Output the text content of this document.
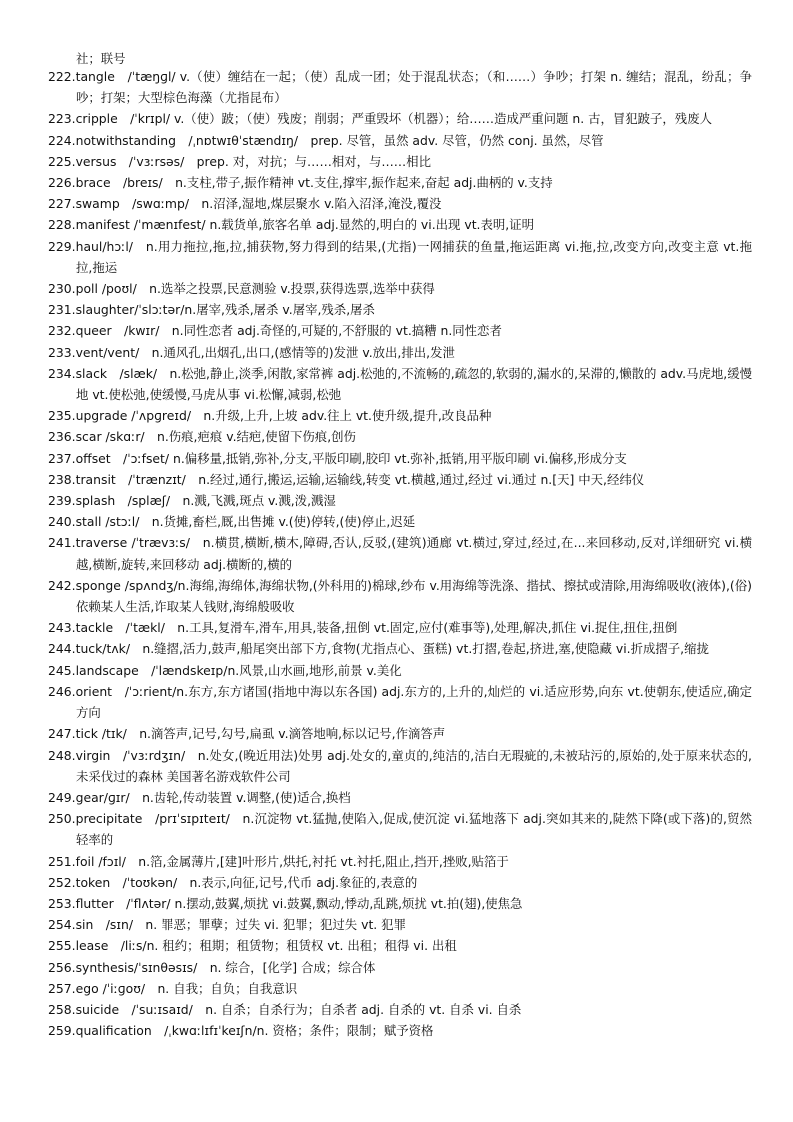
社；联号

222.tangle　/ˈtæŋɡl/ v.（使）缠结在一起；（使）乱成一团；处于混乱状态；（和……）争吵；打架 n. 缠结；混乱，纷乱；争吵；打架；大型棕色海藻（尤指昆布）

223.cripple　/ˈkrɪpl/ v.（使）跛；（使）残废；削弱；严重毁坏（机器）；给……造成严重问题 n. 古，冒犯跛子，残废人

224.notwithstanding　/ˌnɒtwɪθˈstændɪŋ/　prep. 尽管，虽然 adv. 尽管，仍然 conj. 虽然，尽管

225.versus　/ˈvɜːrsəs/　prep. 对，对抗；与……相对，与……相比

226.brace　/breɪs/　n.支柱,带子,振作精神 vt.支住,撑牢,振作起来,奋起 adj.曲柄的 v.支持

227.swamp　/swɑːmp/　n.沼泽,湿地,煤层聚水 v.陷入沼泽,淹没,覆没

228.manifest /ˈmænɪfest/ n.载货单,旅客名单 adj.显然的,明白的 vi.出现 vt.表明,证明

229.haul/hɔːl/　n.用力拖拉,拖,拉,捕获物,努力得到的结果,(尤指)一网捕获的鱼量,拖运距离 vi.拖,拉,改变方向,改变主意 vt.拖拉,拖运

230.poll /poʊl/　n.选举之投票,民意测验 v.投票,获得选票,选举中获得

231.slaughter/ˈslɔːtər/n.屠宰,残杀,屠杀 v.屠宰,残杀,屠杀

232.queer　/kwɪr/　n.同性恋者 adj.奇怪的,可疑的,不舒服的 vt.搞糟 n.同性恋者

233.vent/vent/　n.通风孔,出烟孔,出口,(感情等的)发泄 v.放出,排出,发泄

234.slack　/slæk/　n.松弛,静止,淡季,闲散,家常裤 adj.松弛的,不流畅的,疏忽的,软弱的,漏水的,呆滞的,懒散的 adv.马虎地,缓慢地 vt.使松弛,使缓慢,马虎从事 vi.松懈,减弱,松弛

235.upgrade /ˈʌpɡreɪd/　n.升级,上升,上坡 adv.往上 vt.使升级,提升,改良品种

236.scar /skɑːr/　n.伤痕,疤痕 v.结疤,使留下伤痕,创伤

237.offset　/ˈɔːfset/ n.偏移量,抵销,弥补,分支,平版印刷,胶印 vt.弥补,抵销,用平版印刷 vi.偏移,形成分支

238.transit　/ˈtrænzɪt/　n.经过,通行,搬运,运输,运输线,转变 vt.横越,通过,经过 vi.通过 n.[天] 中天,经纬仪

239.splash　/splæʃ/　n.溅,飞溅,斑点 v.溅,泼,溅湿

240.stall /stɔːl/　n.货摊,畜栏,厩,出售摊 v.(使)停转,(使)停止,迟延

241.traverse /ˈtrævɜːs/　n.横贯,横断,横木,障碍,否认,反驳,(建筑)通廊 vt.横过,穿过,经过,在...来回移动,反对,详细研究 vi.横越,横断,旋转,来回移动 adj.横断的,横的

242.sponge /spʌndʒ/n.海绵,海绵体,海绵状物,(外科用的)棉球,纱布 v.用海绵等洗涤、揩拭、擦拭或清除,用海绵吸收(液体),(俗)依赖某人生活,诈取某人钱财,海绵般吸收

243.tackle　/ˈtækl/　n.工具,复滑车,滑车,用具,装备,扭倒 vt.固定,应付(难事等),处理,解决,抓住 vi.捉住,扭住,扭倒

244.tuck/tʌk/　n.缝摺,活力,鼓声,船尾突出部下方,食物(尤指点心、蛋糕) vt.打摺,卷起,挤进,塞,使隐藏 vi.折成摺子,缩拢

245.landscape　/ˈlændskeɪp/n.风景,山水画,地形,前景 v.美化

246.orient　/ˈɔːrient/n.东方,东方诸国(指地中海以东各国) adj.东方的,上升的,灿烂的 vi.适应形势,向东 vt.使朝东,使适应,确定方向

247.tick /tɪk/　n.滴答声,记号,勾号,扁虱 v.滴答地响,标以记号,作滴答声

248.virgin　/ˈvɜːrdʒɪn/　n.处女,(晚近用法)处男 adj.处女的,童贞的,纯洁的,洁白无瑕疵的,未被玷污的,原始的,处于原来状态的,未采伐过的森林 美国著名游戏软件公司

249.gear/ɡɪr/　n.齿轮,传动装置 v.调整,(使)适合,换档

250.precipitate　/prɪˈsɪpɪteɪt/　n.沉淀物 vt.猛抛,使陷入,促成,使沉淀 vi.猛地落下 adj.突如其来的,陡然下降(或下落)的,贸然轻率的

251.foil /fɔɪl/　n.箔,金属薄片,[建]叶形片,烘托,衬托 vt.衬托,阻止,挡开,挫败,贴箔于

252.token　/ˈtoʊkən/　n.表示,向征,记号,代币 adj.象征的,表意的

253.flutter　/ˈflʌtər/ n.摆动,鼓翼,烦扰 vi.鼓翼,飘动,悸动,乱跳,烦扰 vt.拍(翅),使焦急

254.sin　/sɪn/　n. 罪恶；罪孽；过失 vi. 犯罪；犯过失 vt. 犯罪

255.lease　/liːs/n. 租约；租期；租赁物；租赁权 vt. 出租；租得 vi. 出租

256.synthesis/ˈsɪnθəsɪs/　n. 综合，[化学] 合成；综合体

257.ego /ˈiːɡoʊ/　n. 自我；自负；自我意识

258.suicide　/ˈsuːɪsaɪd/　n. 自杀；自杀行为；自杀者 adj. 自杀的 vt. 自杀 vi. 自杀

259.qualification　/ˌkwɑːlɪfɪˈkeɪʃn/n. 资格；条件；限制；赋予资格
